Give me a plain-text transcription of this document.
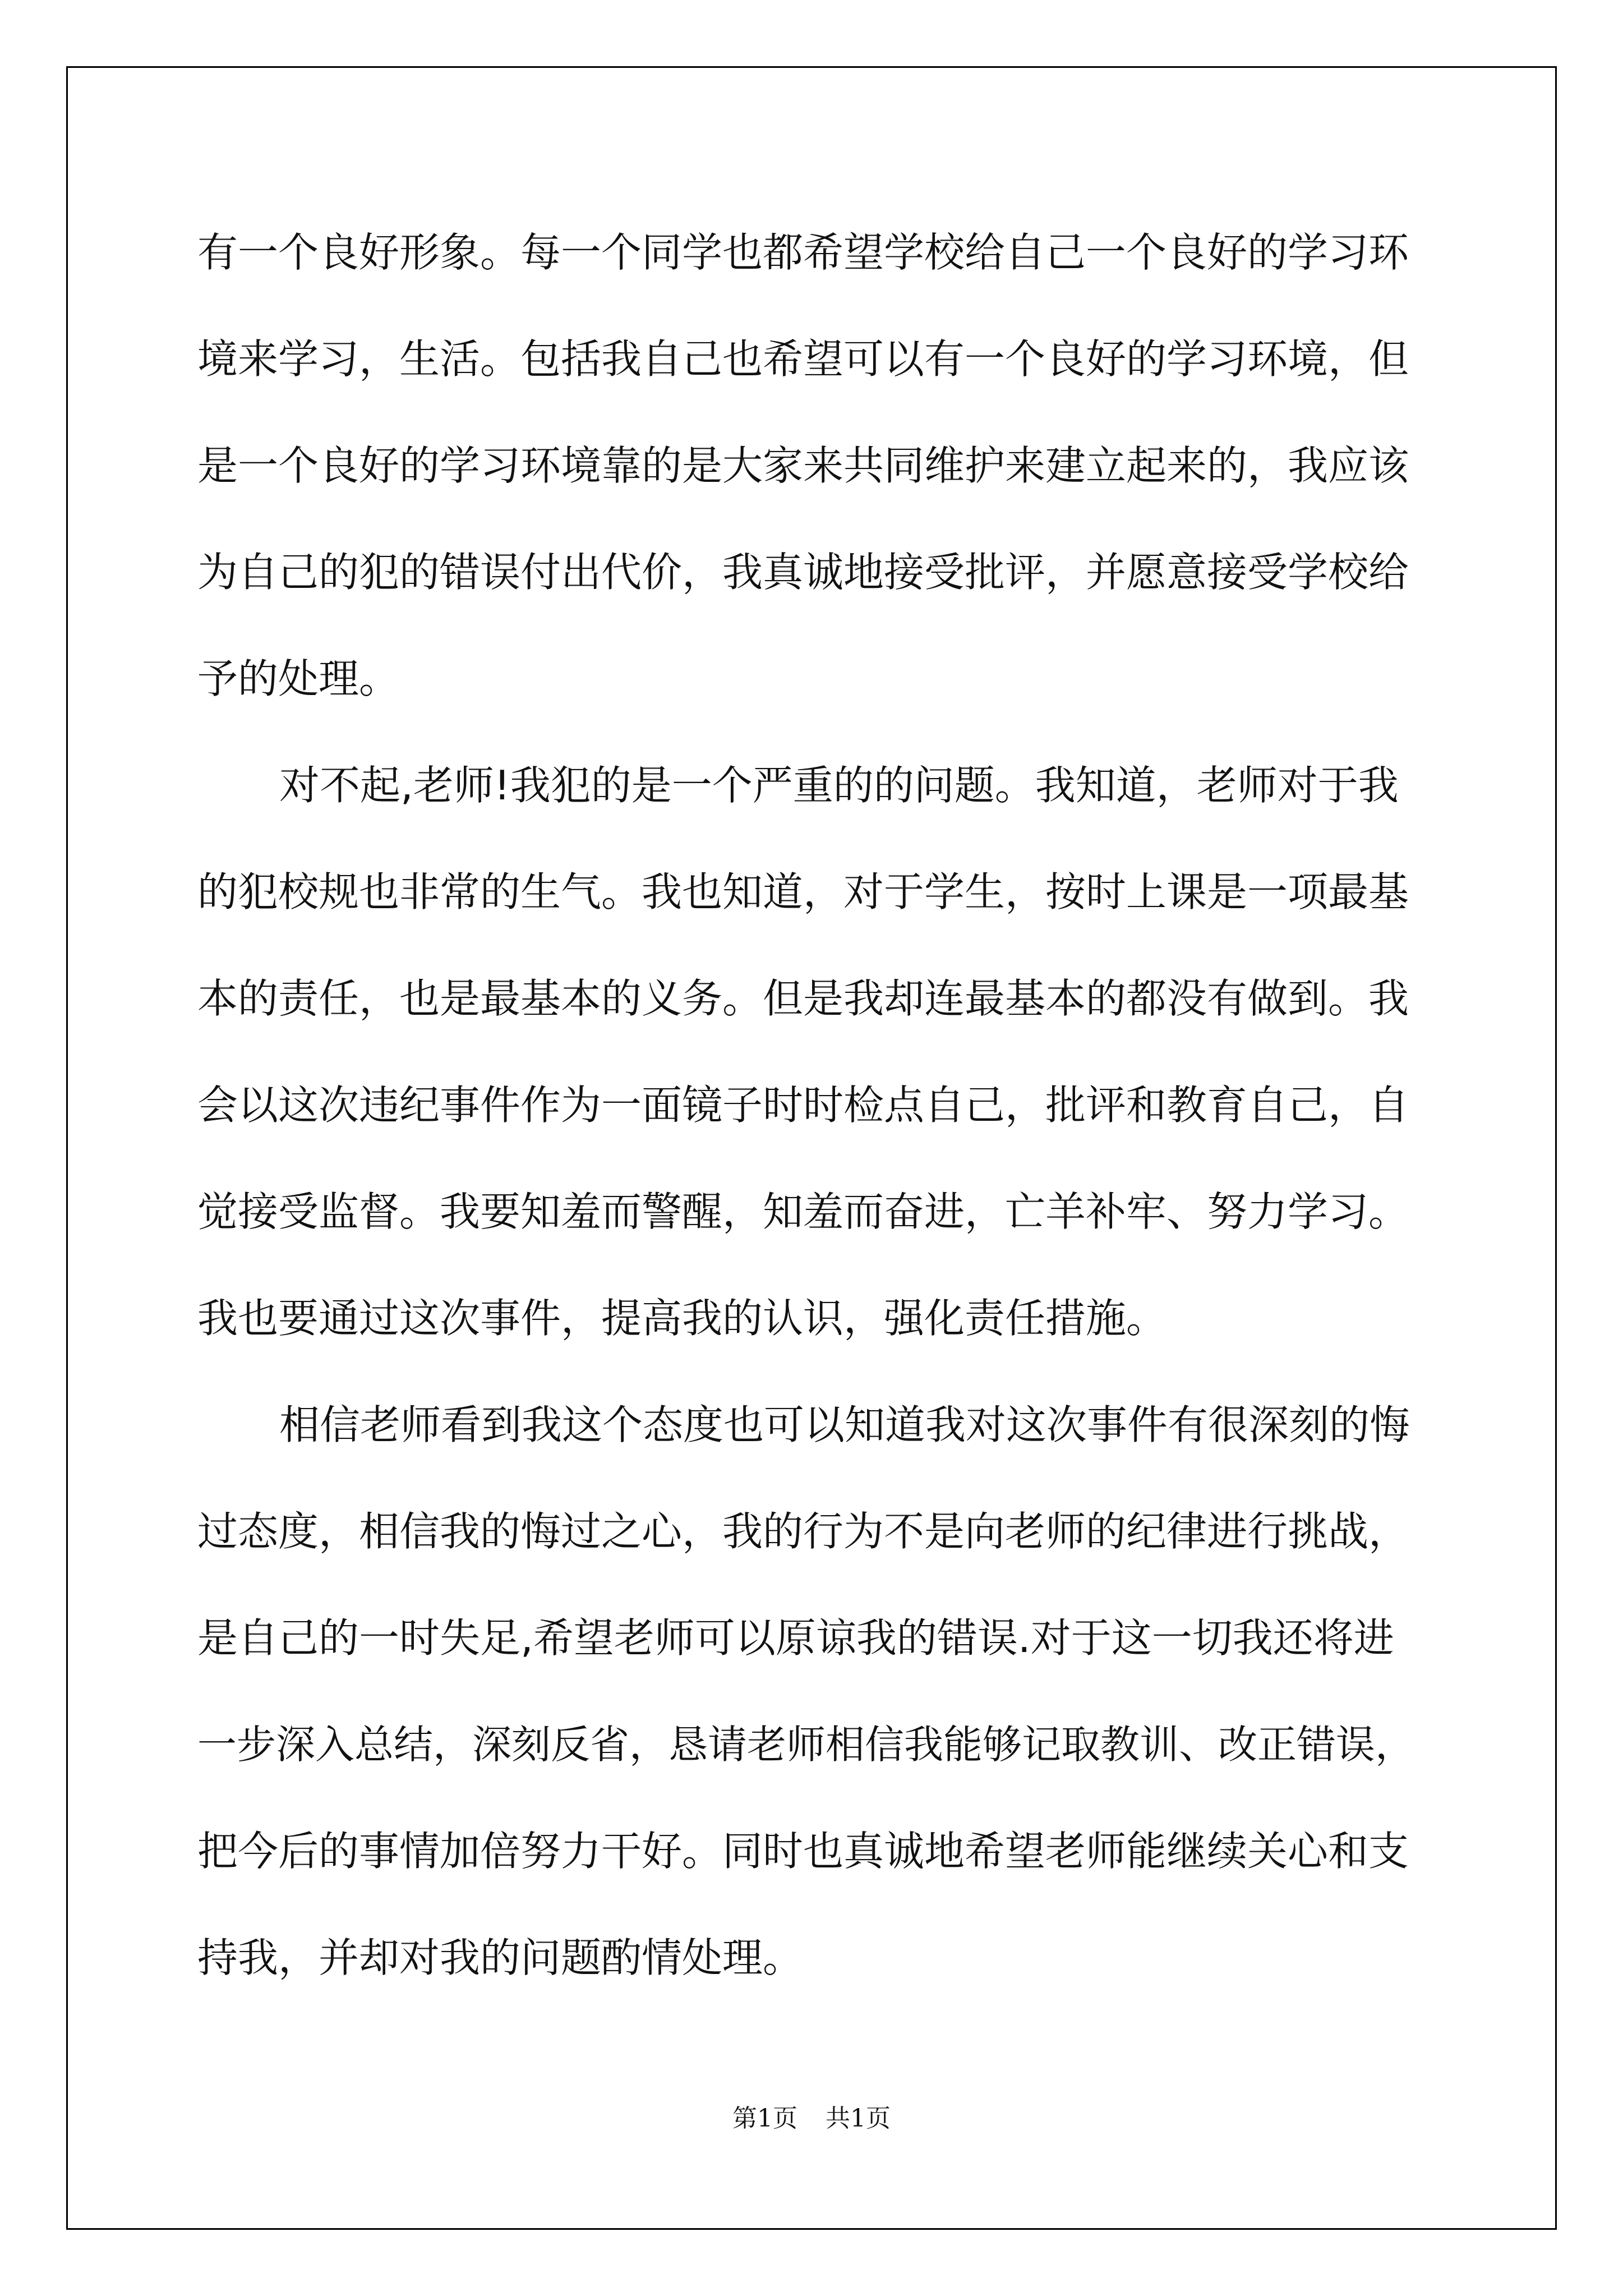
有一个良好形象。每一个同学也都希望学校给自己一个良好的学习环
境来学习，生活。包括我自己也希望可以有一个良好的学习环境，但
是一个良好的学习环境靠的是大家来共同维护来建立起来的，我应该
为自己的犯的错误付出代价，我真诚地接受批评，并愿意接受学校给
予的处理。
对不起,老师!我犯的是一个严重的的问题。我知道，老师对于我
的犯校规也非常的生气。我也知道，对于学生，按时上课是一项最基
本的责任，也是最基本的义务。但是我却连最基本的都没有做到。我
会以这次违纪事件作为一面镜子时时检点自己，批评和教育自己，自
觉接受监督。我要知羞而警醒，知羞而奋进，亡羊补牢、努力学习。
我也要通过这次事件，提高我的认识，强化责任措施。
相信老师看到我这个态度也可以知道我对这次事件有很深刻的悔
过态度，相信我的悔过之心，我的行为不是向老师的纪律进行挑战，
是自己的一时失足,希望老师可以原谅我的错误.对于这一切我还将进
一步深入总结，深刻反省，恳请老师相信我能够记取教训、改正错误，
把今后的事情加倍努力干好。同时也真诚地希望老师能继续关心和支
持我，并却对我的问题酌情处理。
第1页 共1页
